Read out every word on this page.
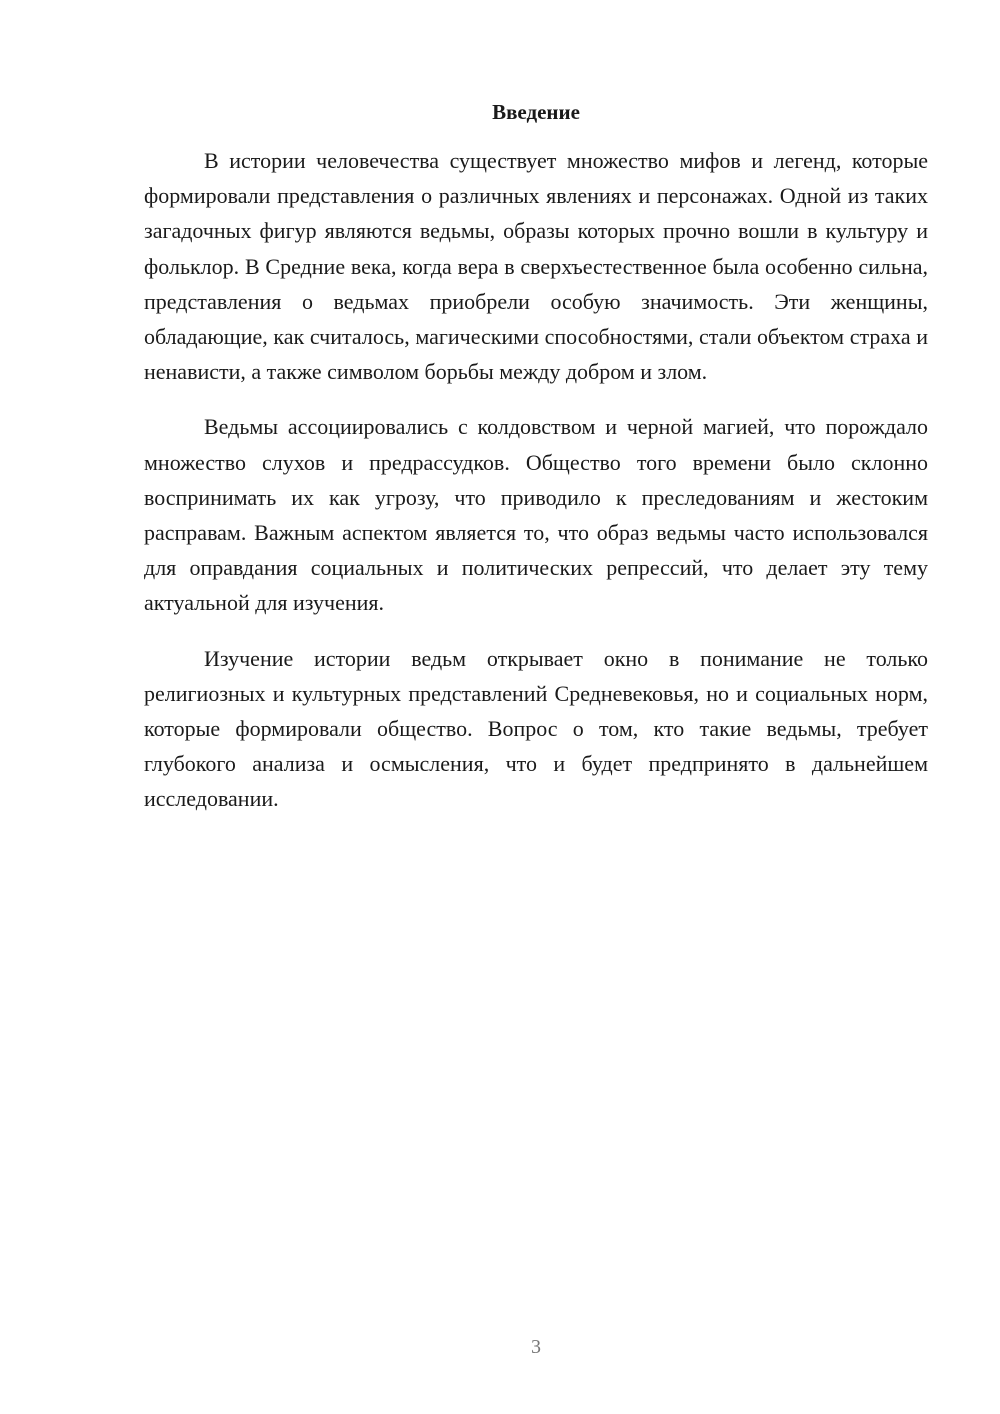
Введение

В истории человечества существует множество мифов и легенд, которые формировали представления о различных явлениях и персонажах. Одной из таких загадочных фигур являются ведьмы, образы которых прочно вошли в культуру и фольклор. В Средние века, когда вера в сверхъестественное была особенно сильна, представления о ведьмах приобрели особую значимость. Эти женщины, обладающие, как считалось, магическими способностями, стали объектом страха и ненависти, а также символом борьбы между добром и злом.

Ведьмы ассоциировались с колдовством и черной магией, что порождало множество слухов и предрассудков. Общество того времени было склонно воспринимать их как угрозу, что приводило к преследованиям и жестоким расправам. Важным аспектом является то, что образ ведьмы часто использовался для оправдания социальных и политических репрессий, что делает эту тему актуальной для изучения.

Изучение истории ведьм открывает окно в понимание не только религиозных и культурных представлений Средневековья, но и социальных норм, которые формировали общество. Вопрос о том, кто такие ведьмы, требует глубокого анализа и осмысления, что и будет предпринято в дальнейшем исследовании.

3
